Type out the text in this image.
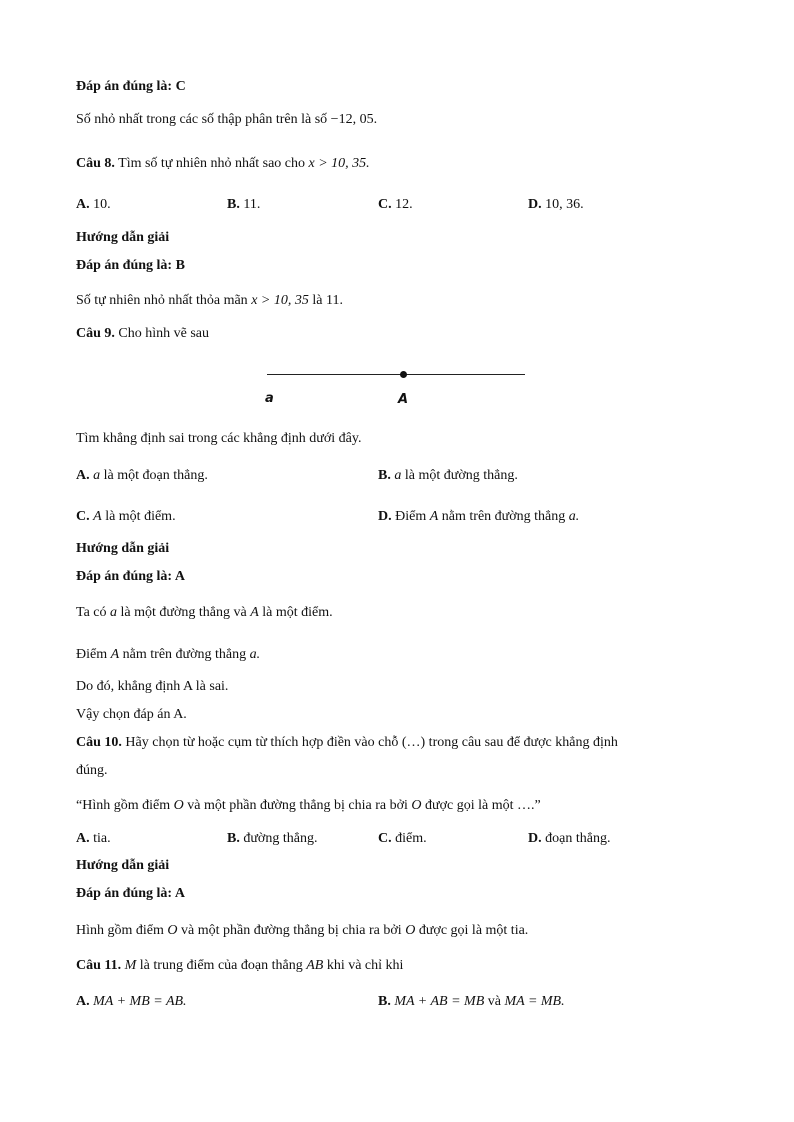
Đáp án đúng là: C
Số nhỏ nhất trong các số thập phân trên là số −12, 05.
Câu 8. Tìm số tự nhiên nhỏ nhất sao cho x > 10, 35.
A. 10.	B. 11.	C. 12.	D. 10, 36.
Hướng dẫn giải
Đáp án đúng là: B
Số tự nhiên nhỏ nhất thỏa mãn x > 10, 35 là 11.
Câu 9. Cho hình vẽ sau
a	A
Tìm khẳng định sai trong các khẳng định dưới đây.
A. a là một đoạn thẳng.	B. a là một đường thẳng.
C. A là một điểm.	D. Điểm A nằm trên đường thẳng a.
Hướng dẫn giải
Đáp án đúng là: A
Ta có a là một đường thẳng và A là một điểm.
Điểm A nằm trên đường thẳng a.
Do đó, khẳng định A là sai.
Vậy chọn đáp án A.
Câu 10. Hãy chọn từ hoặc cụm từ thích hợp điền vào chỗ (…) trong câu sau để được khẳng định
đúng.
“Hình gồm điểm O và một phần đường thẳng bị chia ra bởi O được gọi là một ….”
A. tia.	B. đường thẳng.	C. điểm.	D. đoạn thẳng.
Hướng dẫn giải
Đáp án đúng là: A
Hình gồm điểm O và một phần đường thẳng bị chia ra bởi O được gọi là một tia.
Câu 11. M là trung điểm của đoạn thẳng AB khi và chỉ khi
A. MA + MB = AB.	B. MA + AB = MB và MA = MB.
